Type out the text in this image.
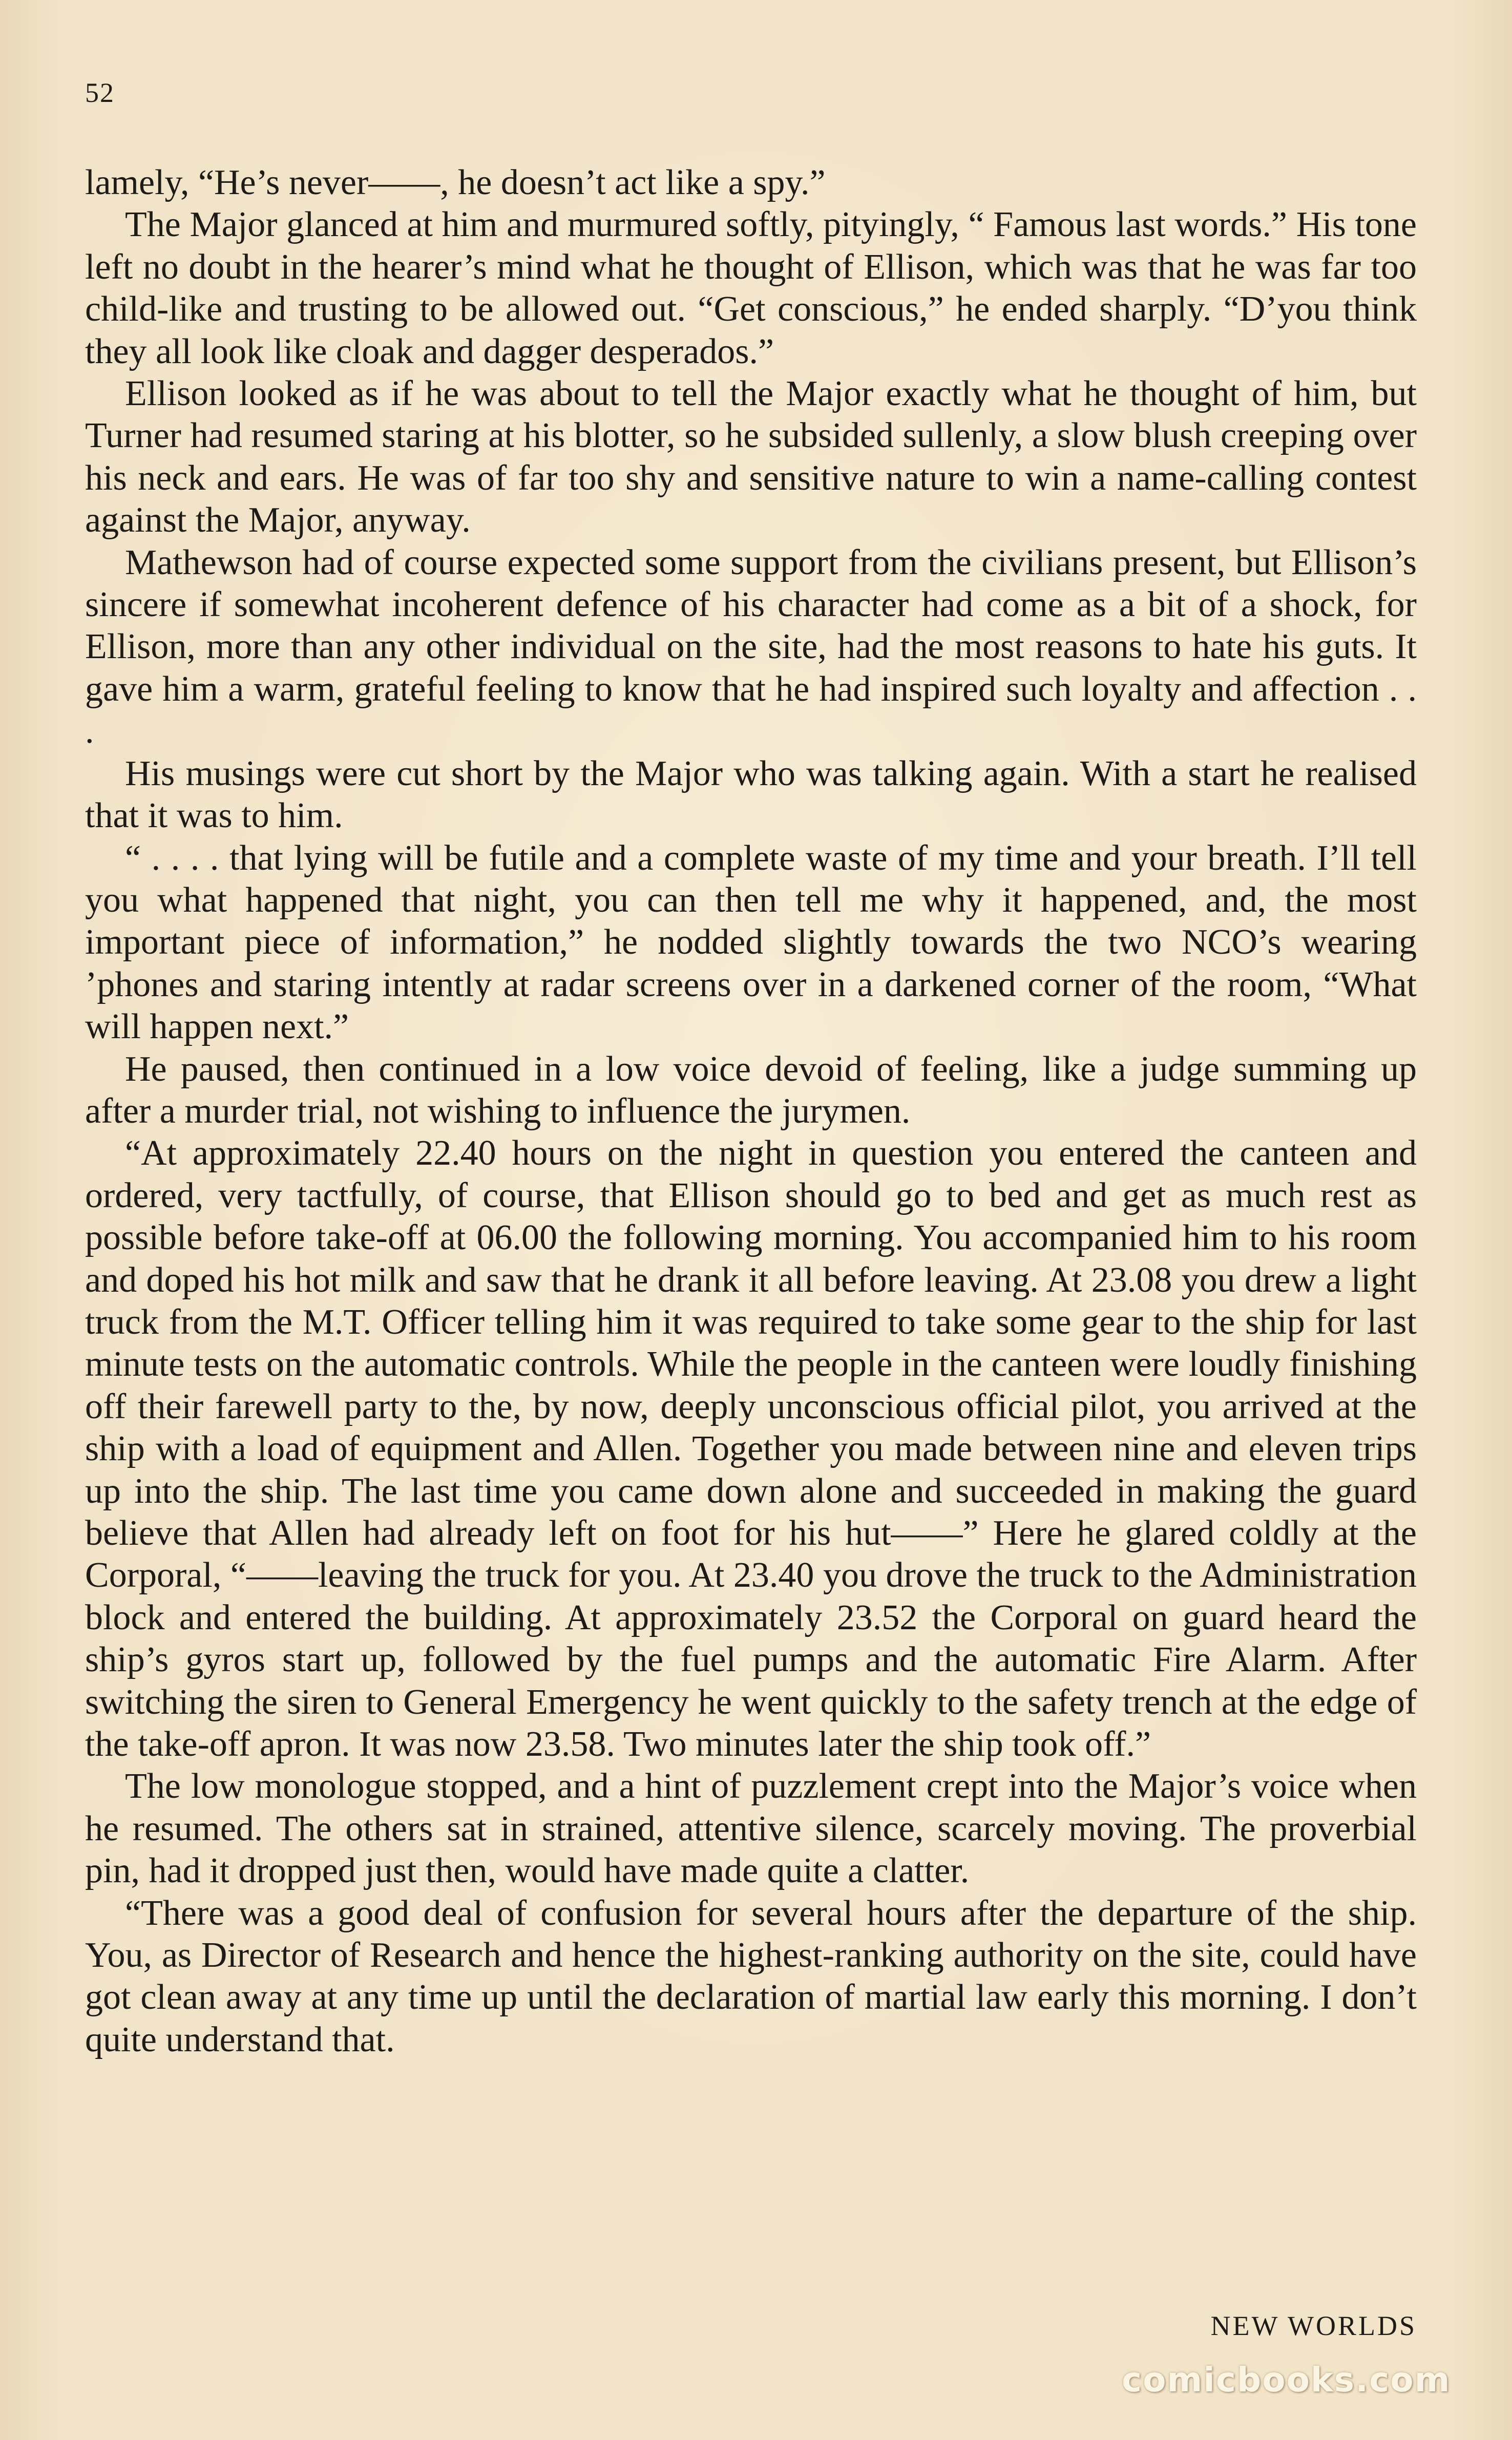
52

lamely, “He’s never——, he doesn’t act like a spy.”

The Major glanced at him and murmured softly, pityingly, “ Famous last words.” His tone left no doubt in the hearer’s mind what he thought of Ellison, which was that he was far too child-like and trusting to be allowed out. “Get conscious,” he ended sharply. “D’you think they all look like cloak and dagger desperados.”

Ellison looked as if he was about to tell the Major exactly what he thought of him, but Turner had resumed staring at his blotter, so he subsided sullenly, a slow blush creeping over his neck and ears. He was of far too shy and sensitive nature to win a name-calling contest against the Major, anyway.

Mathewson had of course expected some support from the civilians present, but Ellison’s sincere if somewhat incoherent defence of his character had come as a bit of a shock, for Ellison, more than any other individual on the site, had the most reasons to hate his guts. It gave him a warm, grateful feeling to know that he had inspired such loyalty and affection . . .

His musings were cut short by the Major who was talking again. With a start he realised that it was to him.

“ . . . . that lying will be futile and a complete waste of my time and your breath. I’ll tell you what happened that night, you can then tell me why it happened, and, the most important piece of information,” he nodded slightly towards the two NCO’s wearing ’phones and staring intently at radar screens over in a darkened corner of the room, “What will happen next.”

He paused, then continued in a low voice devoid of feeling, like a judge summing up after a murder trial, not wishing to influence the jurymen.

“At approximately 22.40 hours on the night in question you entered the canteen and ordered, very tactfully, of course, that Ellison should go to bed and get as much rest as possible before take-off at 06.00 the following morning. You accompanied him to his room and doped his hot milk and saw that he drank it all before leaving. At 23.08 you drew a light truck from the M.T. Officer telling him it was required to take some gear to the ship for last minute tests on the automatic controls. While the people in the canteen were loudly finishing off their farewell party to the, by now, deeply unconscious official pilot, you arrived at the ship with a load of equipment and Allen. Together you made between nine and eleven trips up into the ship. The last time you came down alone and succeeded in making the guard believe that Allen had already left on foot for his hut——” Here he glared coldly at the Corporal, “——leaving the truck for you. At 23.40 you drove the truck to the Administration block and entered the building. At approximately 23.52 the Corporal on guard heard the ship’s gyros start up, followed by the fuel pumps and the automatic Fire Alarm. After switching the siren to General Emergency he went quickly to the safety trench at the edge of the take-off apron. It was now 23.58. Two minutes later the ship took off.”

The low monologue stopped, and a hint of puzzlement crept into the Major’s voice when he resumed. The others sat in strained, attentive silence, scarcely moving. The proverbial pin, had it dropped just then, would have made quite a clatter.

“There was a good deal of confusion for several hours after the departure of the ship. You, as Director of Research and hence the highest-ranking authority on the site, could have got clean away at any time up until the declaration of martial law early this morning. I don’t quite understand that.

NEW WORLDS
comicbooks.com
